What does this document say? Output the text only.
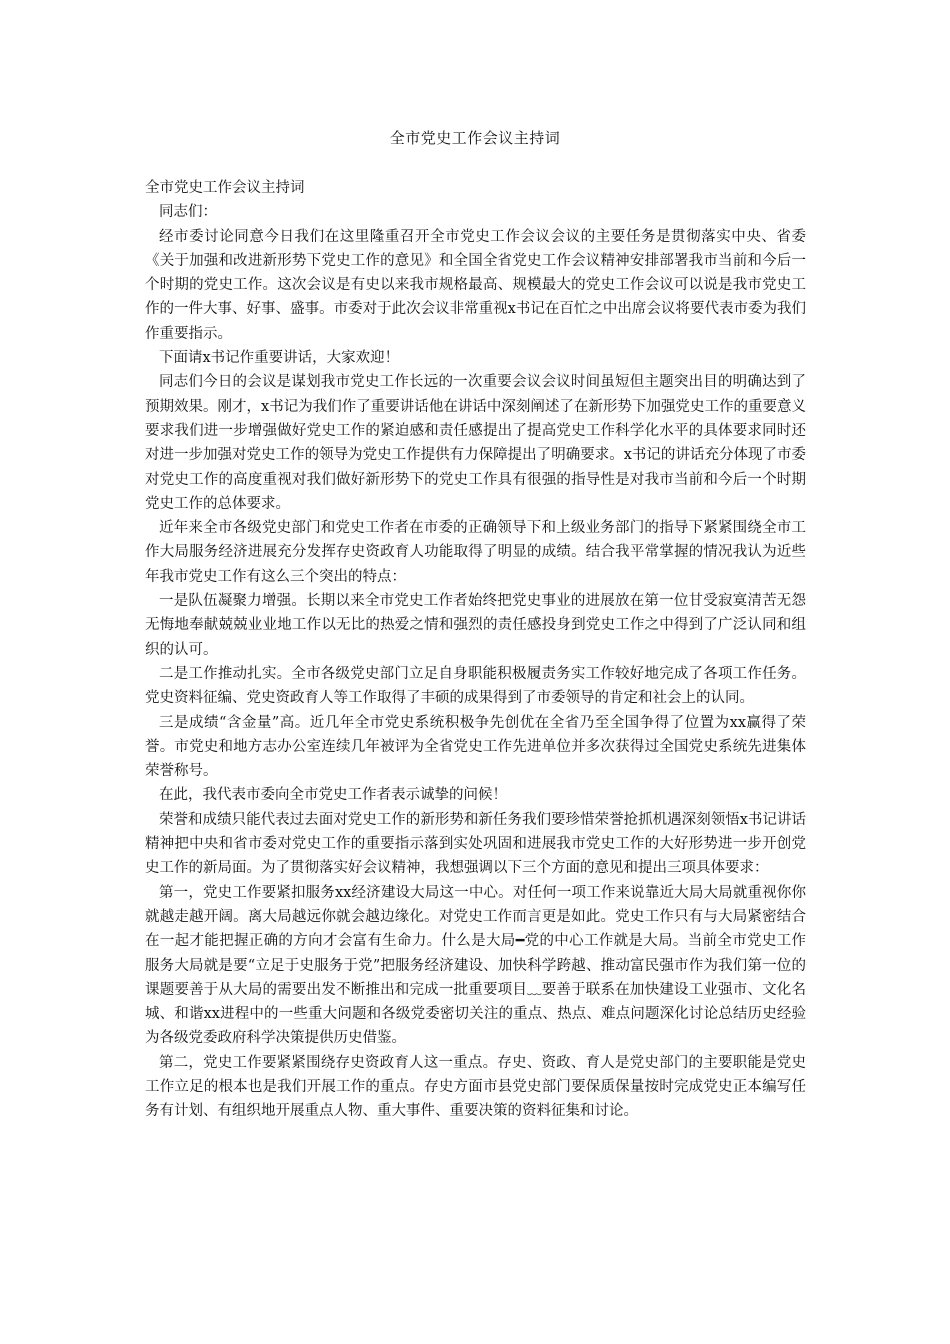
全市党史工作会议主持词

全市党史工作会议主持词

同志们：

经市委讨论同意今日我们在这里隆重召开全市党史工作会议会议的主要任务是贯彻落实中央、省委《关于加强和改进新形势下党史工作的意见》和全国全省党史工作会议精神安排部署我市当前和今后一个时期的党史工作。这次会议是有史以来我市规格最高、规模最大的党史工作会议可以说是我市党史工作的一件大事、好事、盛事。市委对于此次会议非常重视x书记在百忙之中出席会议将要代表市委为我们作重要指示。

下面请x书记作重要讲话，大家欢迎！

同志们今日的会议是谋划我市党史工作长远的一次重要会议会议时间虽短但主题突出目的明确达到了预期效果。刚才，x书记为我们作了重要讲话他在讲话中深刻阐述了在新形势下加强党史工作的重要意义要求我们进一步增强做好党史工作的紧迫感和责任感提出了提高党史工作科学化水平的具体要求同时还对进一步加强对党史工作的领导为党史工作提供有力保障提出了明确要求。x书记的讲话充分体现了市委对党史工作的高度重视对我们做好新形势下的党史工作具有很强的指导性是对我市当前和今后一个时期党史工作的总体要求。

近年来全市各级党史部门和党史工作者在市委的正确领导下和上级业务部门的指导下紧紧围绕全市工作大局服务经济进展充分发挥存史资政育人功能取得了明显的成绩。结合我平常掌握的情况我认为近些年我市党史工作有这么三个突出的特点：

一是队伍凝聚力增强。长期以来全市党史工作者始终把党史事业的进展放在第一位甘受寂寞清苦无怨无悔地奉献兢兢业业地工作以无比的热爱之情和强烈的责任感投身到党史工作之中得到了广泛认同和组织的认可。

二是工作推动扎实。全市各级党史部门立足自身职能积极履责务实工作较好地完成了各项工作任务。党史资料征编、党史资政育人等工作取得了丰硕的成果得到了市委领导的肯定和社会上的认同。

三是成绩“含金量”高。近几年全市党史系统积极争先创优在全省乃至全国争得了位置为xx赢得了荣誉。市党史和地方志办公室连续几年被评为全省党史工作先进单位并多次获得过全国党史系统先进集体荣誉称号。

在此，我代表市委向全市党史工作者表示诚挚的问候！

荣誉和成绩只能代表过去面对党史工作的新形势和新任务我们要珍惜荣誉抢抓机遇深刻领悟x书记讲话精神把中央和省市委对党史工作的重要指示落到实处巩固和进展我市党史工作的大好形势进一步开创党史工作的新局面。为了贯彻落实好会议精神，我想强调以下三个方面的意见和提出三项具体要求：

第一，党史工作要紧扣服务xx经济建设大局这一中心。对任何一项工作来说靠近大局大局就重视你你就越走越开阔。离大局越远你就会越边缘化。对党史工作而言更是如此。党史工作只有与大局紧密结合在一起才能把握正确的方向才会富有生命力。什么是大局━党的中心工作就是大局。当前全市党史工作服务大局就是要“立足于史服务于党”把服务经济建设、加快科学跨越、推动富民强市作为我们第一位的课题要善于从大局的需要出发不断推出和完成一批重要项目﹏要善于联系在加快建设工业强市、文化名城、和谐xx进程中的一些重大问题和各级党委密切关注的重点、热点、难点问题深化讨论总结历史经验为各级党委政府科学决策提供历史借鉴。

第二，党史工作要紧紧围绕存史资政育人这一重点。存史、资政、育人是党史部门的主要职能是党史工作立足的根本也是我们开展工作的重点。存史方面市县党史部门要保质保量按时完成党史正本编写任务有计划、有组织地开展重点人物、重大事件、重要决策的资料征集和讨论。
